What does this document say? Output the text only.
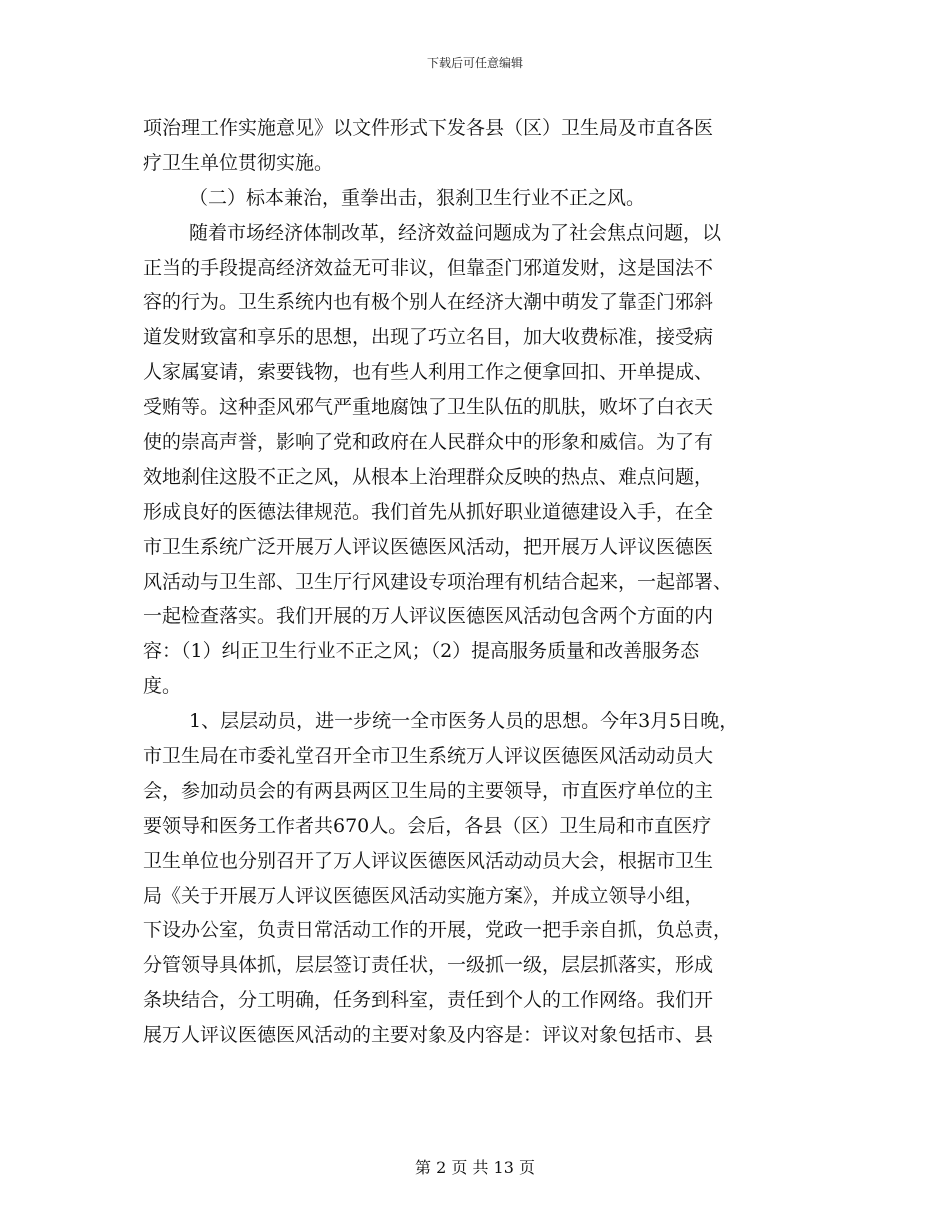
下载后可任意编辑
项治理工作实施意见》以文件形式下发各县（区）卫生局及市直各医
疗卫生单位贯彻实施。
（二）标本兼治，重拳出击，狠刹卫生行业不正之风。
随着市场经济体制改革，经济效益问题成为了社会焦点问题，以
正当的手段提高经济效益无可非议，但靠歪门邪道发财，这是国法不
容的行为。卫生系统内也有极个别人在经济大潮中萌发了靠歪门邪斜
道发财致富和享乐的思想，出现了巧立名目，加大收费标准，接受病
人家属宴请，索要钱物，也有些人利用工作之便拿回扣、开单提成、
受贿等。这种歪风邪气严重地腐蚀了卫生队伍的肌肤，败坏了白衣天
使的崇高声誉，影响了党和政府在人民群众中的形象和威信。为了有
效地刹住这股不正之风，从根本上治理群众反映的热点、难点问题，
形成良好的医德法律规范。我们首先从抓好职业道德建设入手，在全
市卫生系统广泛开展万人评议医德医风活动，把开展万人评议医德医
风活动与卫生部、卫生厅行风建设专项治理有机结合起来，一起部署、
一起检查落实。我们开展的万人评议医德医风活动包含两个方面的内
容：（1）纠正卫生行业不正之风；（2）提高服务质量和改善服务态
度。
1、层层动员，进一步统一全市医务人员的思想。今年3月5日晚，
市卫生局在市委礼堂召开全市卫生系统万人评议医德医风活动动员大
会，参加动员会的有两县两区卫生局的主要领导，市直医疗单位的主
要领导和医务工作者共670人。会后，各县（区）卫生局和市直医疗
卫生单位也分别召开了万人评议医德医风活动动员大会，根据市卫生
局《关于开展万人评议医德医风活动实施方案》，并成立领导小组，
下设办公室，负责日常活动工作的开展，党政一把手亲自抓，负总责，
分管领导具体抓，层层签订责任状，一级抓一级，层层抓落实，形成
条块结合，分工明确，任务到科室，责任到个人的工作网络。我们开
展万人评议医德医风活动的主要对象及内容是：评议对象包括市、县
第 2 页 共 13 页
